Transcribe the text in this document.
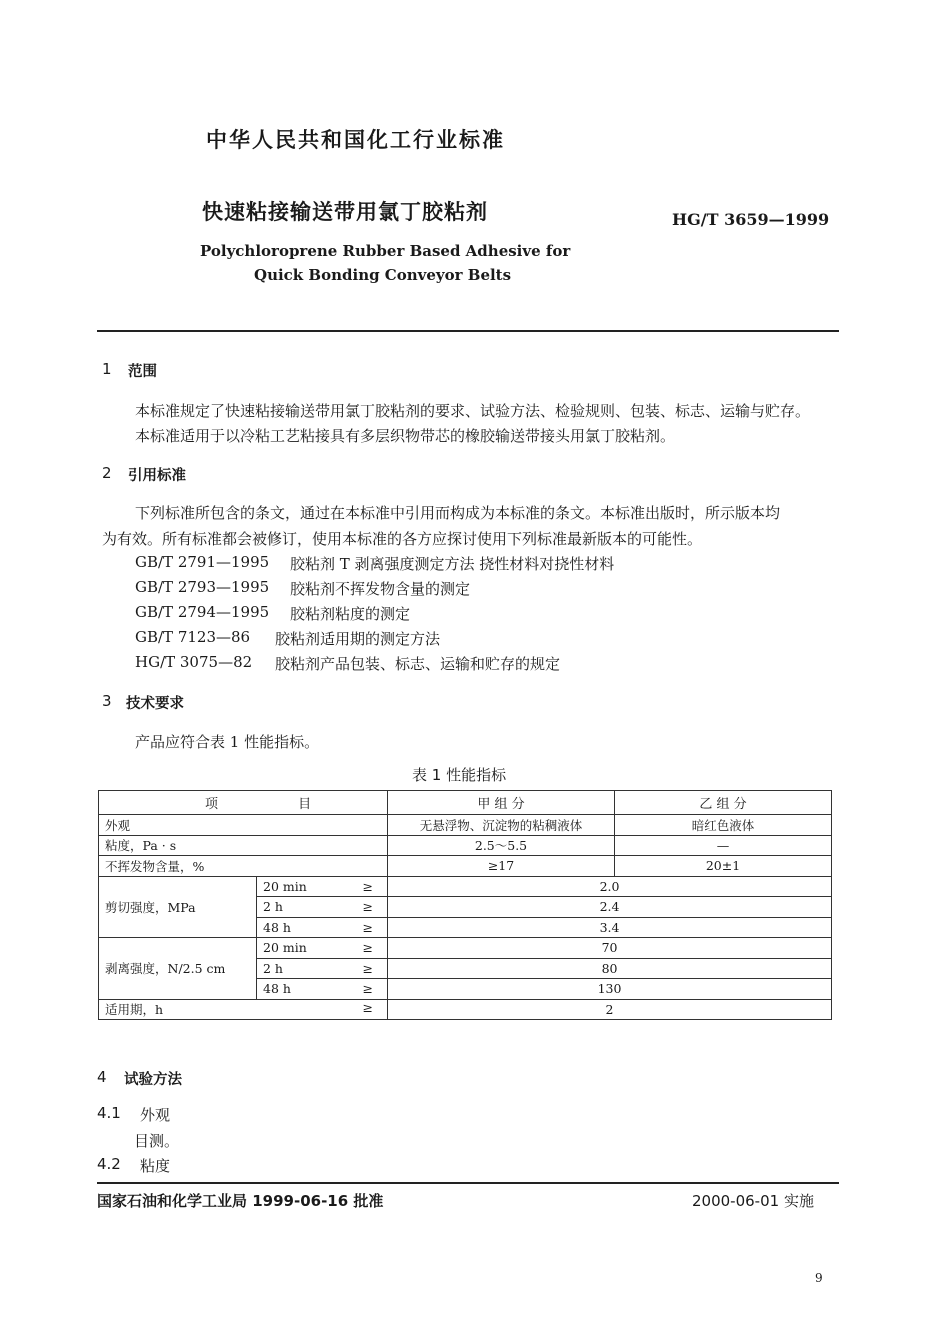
中华人民共和国化工行业标准
快速粘接输送带用氯丁胶粘剂	HG/T 3659—1999
Polychloroprene Rubber Based Adhesive for
Quick Bonding Conveyor Belts
1 范围
本标准规定了快速粘接输送带用氯丁胶粘剂的要求、试验方法、检验规则、包装、标志、运输与贮存。
本标准适用于以冷粘工艺粘接具有多层织物带芯的橡胶输送带接头用氯丁胶粘剂。
2 引用标准
下列标准所包含的条文，通过在本标准中引用而构成为本标准的条文。本标准出版时，所示版本均
为有效。所有标准都会被修订，使用本标准的各方应探讨使用下列标准最新版本的可能性。
GB/T 2791—1995 胶粘剂 T 剥离强度测定方法 挠性材料对挠性材料
GB/T 2793—1995 胶粘剂不挥发物含量的测定
GB/T 2794—1995 胶粘剂粘度的测定
GB/T 7123—86 胶粘剂适用期的测定方法
HG/T 3075—82 胶粘剂产品包装、标志、运输和贮存的规定
3 技术要求
产品应符合表 1 性能指标。
表 1 性能指标
项 目		甲 组 分	乙 组 分
外观		无悬浮物、沉淀物的粘稠液体	暗红色液体
粘度，Pa · s		2.5～5.5	—
不挥发物含量，%		≥17	20±1
剪切强度，MPa	20 min ≥	2.0	

	2 h ≥	2.4	

	48 h ≥	3.4	
剥离强度，N/2.5 cm	20 min ≥	70	

	2 h ≥	80	

	48 h ≥	130	

适用期，h ≥		2	
4 试验方法
4.1 外观
目测。
4.2 粘度
国家石油和化学工业局 1999-06-16 批准	2000-06-01 实施
9
